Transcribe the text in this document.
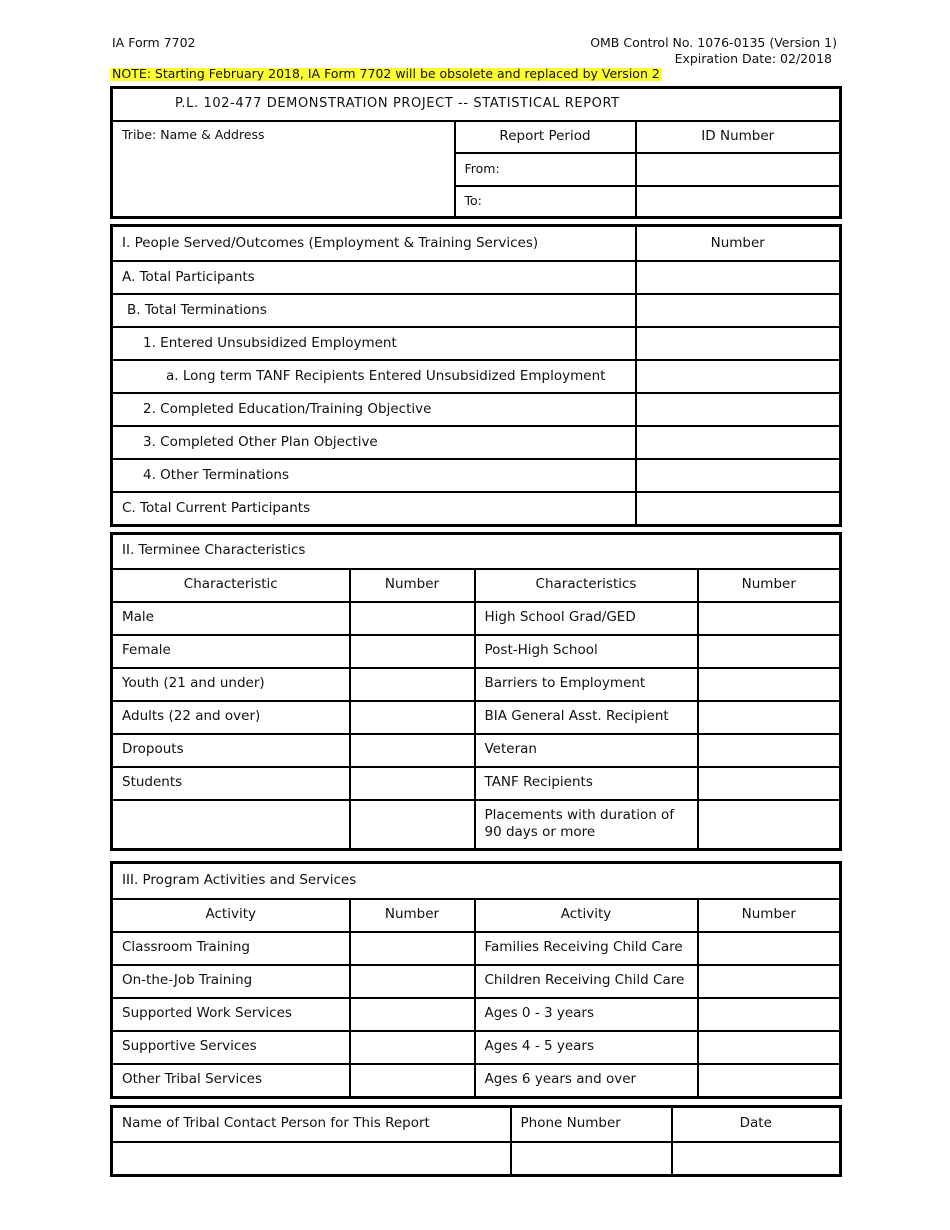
IA Form 7702	OMB Control No. 1076-0135 (Version 1)
Expiration Date: 02/2018
NOTE: Starting February 2018, IA Form 7702 will be obsolete and replaced by Version 2
P.L. 102-477 DEMONSTRATION PROJECT -- STATISTICAL REPORT		
Tribe: Name & Address	Report Period	ID Number
	From:	
	To:	
I. People Served/Outcomes (Employment & Training Services)	Number
A. Total Participants	
B. Total Terminations	
1. Entered Unsubsidized Employment	
a. Long term TANF Recipients Entered Unsubsidized Employment	
2. Completed Education/Training Objective	
3. Completed Other Plan Objective	
4. Other Terminations	
C. Total Current Participants	
II. Terminee Characteristics			
Characteristic	Number	Characteristics	Number
Male		High School Grad/GED	
Female		Post-High School	
Youth (21 and under)		Barriers to Employment	
Adults (22 and over)		BIA General Asst. Recipient	
Dropouts		Veteran	
Students		TANF Recipients	
		Placements with duration of 90 days or more	
III. Program Activities and Services			
Activity	Number	Activity	Number
Classroom Training		Families Receiving Child Care	
On-the-Job Training		Children Receiving Child Care	
Supported Work Services		Ages 0 - 3 years	
Supportive Services		Ages 4 - 5 years	
Other Tribal Services		Ages 6 years and over	
Name of Tribal Contact Person for This Report	Phone Number	Date
